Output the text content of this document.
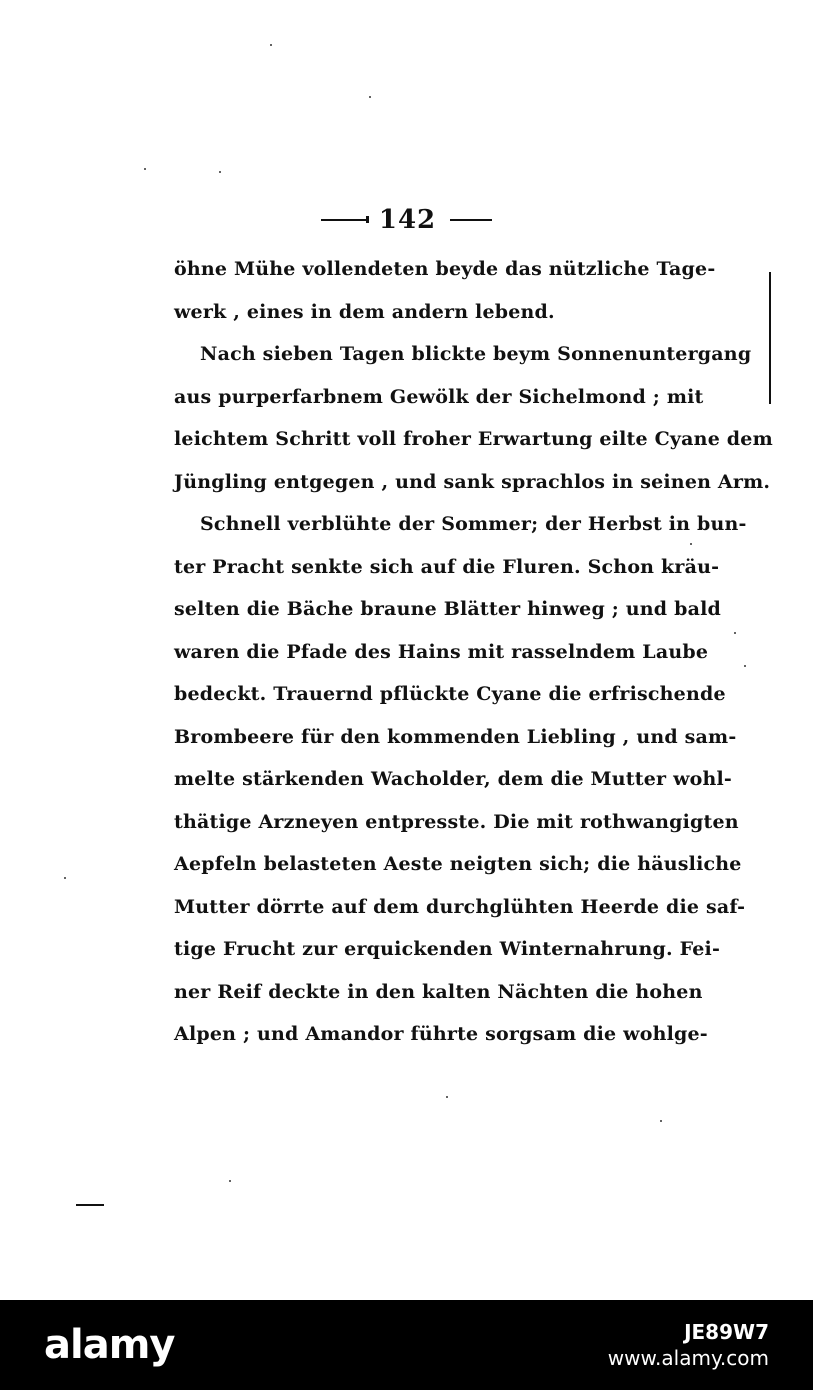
142
öhne Mühe vollendeten beyde das nützliche Tage-
werk , eines in dem andern lebend.
Nach sieben Tagen blickte beym Sonnenuntergang
aus purperfarbnem Gewölk der Sichelmond ; mit
leichtem Schritt voll froher Erwartung eilte Cyane dem
Jüngling entgegen , und sank sprachlos in seinen Arm.
Schnell verblühte der Sommer; der Herbst in bun-
ter Pracht senkte sich auf die Fluren. Schon kräu-
selten die Bäche braune Blätter hinweg ; und bald
waren die Pfade des Hains mit rasselndem Laube
bedeckt. Trauernd pflückte Cyane die erfrischende
Brombeere für den kommenden Liebling , und sam-
melte stärkenden Wacholder, dem die Mutter wohl-
thätige Arzneyen entpresste. Die mit rothwangigten
Aepfeln belasteten Aeste neigten sich; die häusliche
Mutter dörrte auf dem durchglühten Heerde die saf-
tige Frucht zur erquickenden Winternahrung. Fei-
ner Reif deckte in den kalten Nächten die hohen
Alpen ; und Amandor führte sorgsam die wohlge-
alamy	JE89W7
www.alamy.com
